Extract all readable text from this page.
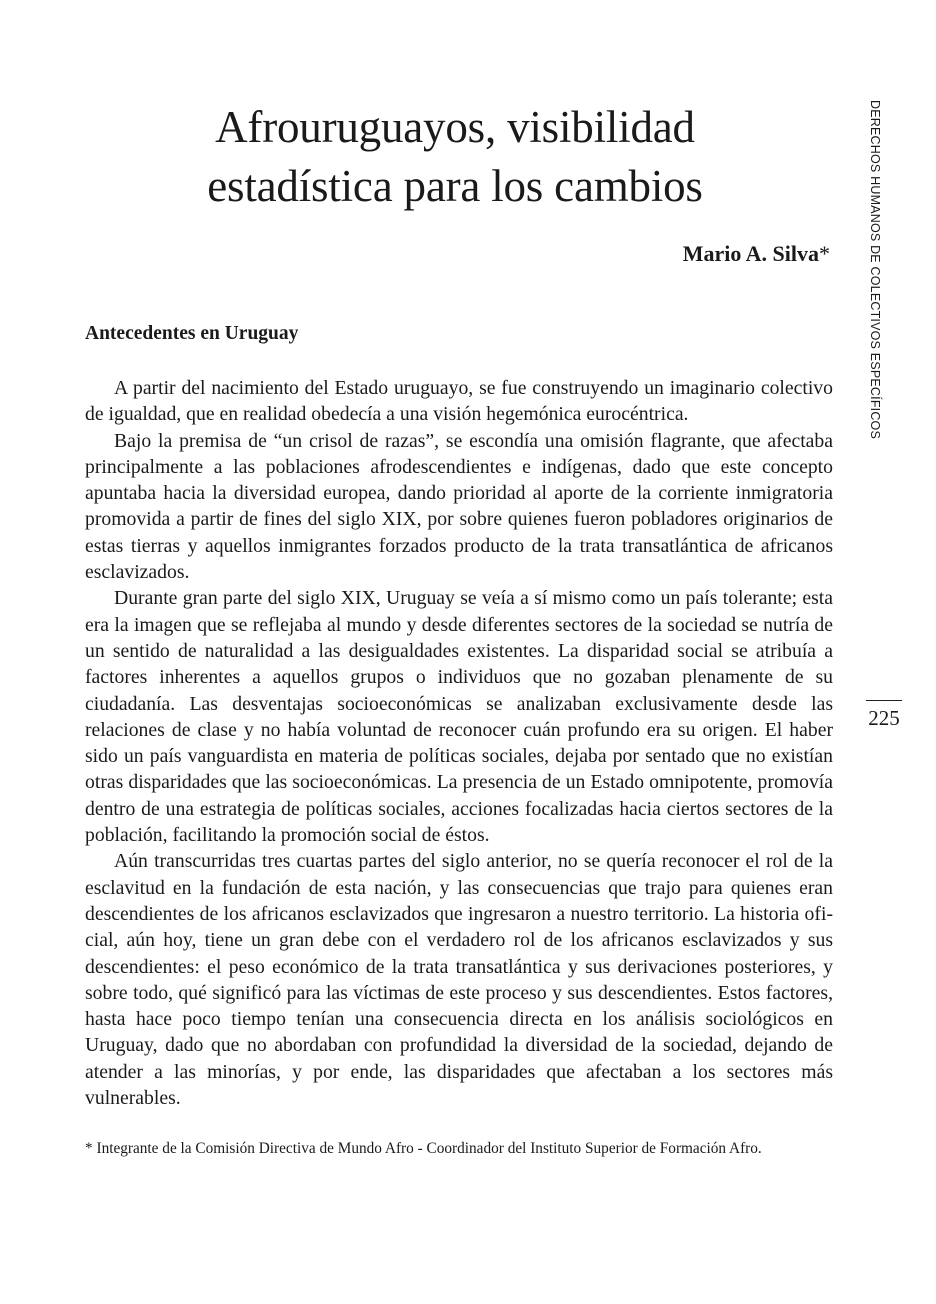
Afrouruguayos, visibilidad
estadística para los cambios

Mario A. Silva*

Antecedentes en Uruguay

A partir del nacimiento del Estado uruguayo, se fue construyendo un imaginario colectivo de igualdad, que en realidad obedecía a una visión hegemónica eurocéntrica.

Bajo la premisa de “un crisol de razas”, se escondía una omisión flagrante, que afectaba principalmente a las poblaciones afrodescendientes e indígenas, dado que este concepto apuntaba hacia la diversidad europea, dando prioridad al aporte de la corriente inmigratoria promovida a partir de fines del siglo XIX, por sobre quienes fueron pobladores originarios de estas tierras y aquellos inmigrantes forzados producto de la trata transatlántica de africanos esclavizados.

Durante gran parte del siglo XIX, Uruguay se veía a sí mismo como un país tolerante; esta era la imagen que se reflejaba al mundo y desde diferentes sectores de la sociedad se nutría de un sentido de naturalidad a las desigualdades existentes. La disparidad social se atribuía a factores inherentes a aquellos grupos o individuos que no gozaban plenamente de su ciudadanía. Las desventajas socioeconómicas se analizaban exclusivamente desde las relaciones de clase y no había voluntad de reconocer cuán profundo era su origen. El haber sido un país vanguardista en materia de políticas sociales, dejaba por sentado que no existían otras disparidades que las socioeconómicas. La presencia de un Estado omnipotente, promovía dentro de una estrategia de políticas sociales, acciones focalizadas hacia ciertos sectores de la población, facilitando la promoción social de éstos.

Aún transcurridas tres cuartas partes del siglo anterior, no se quería reconocer el rol de la esclavitud en la fundación de esta nación, y las consecuencias que trajo para quienes eran descendientes de los africanos esclavizados que ingresaron a nuestro territorio. La historia oficial, aún hoy, tiene un gran debe con el verdadero rol de los africanos esclavizados y sus descendientes: el peso económico de la trata transatlántica y sus derivaciones posteriores, y sobre todo, qué significó para las víctimas de este proceso y sus descendientes. Estos factores, hasta hace poco tiempo tenían una consecuencia directa en los análisis sociológicos en Uruguay, dado que no abordaban con profundidad la diversidad de la sociedad, dejando de atender a las minorías, y por ende, las disparidades que afectaban a los sectores más vulnerables.

* Integrante de la Comisión Directiva de Mundo Afro - Coordinador del Instituto Superior de Formación Afro.

DERECHOS HUMANOS DE COLECTIVOS ESPECÍFICOS
225
